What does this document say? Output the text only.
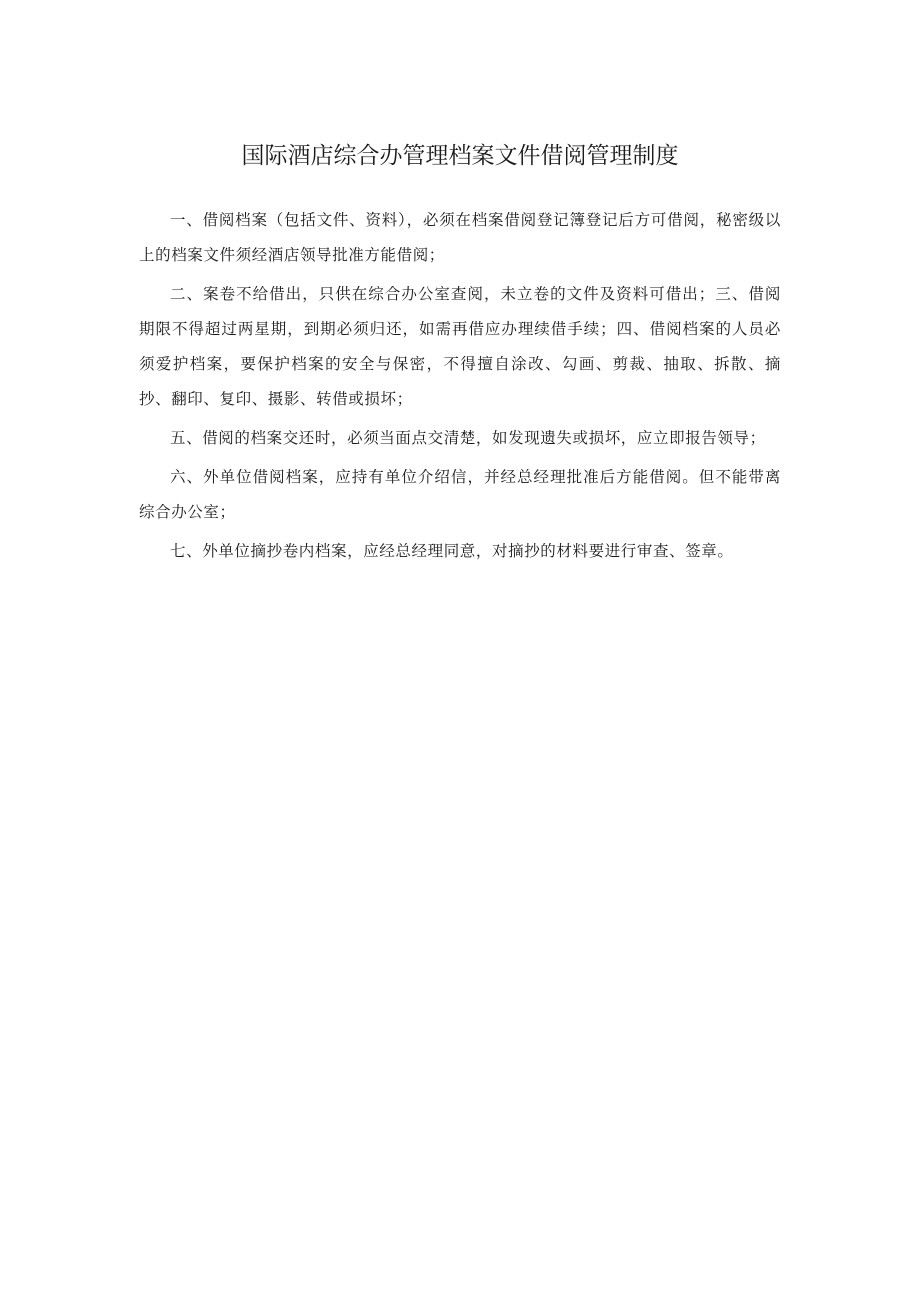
国际酒店综合办管理档案文件借阅管理制度

一、借阅档案（包括文件、资料），必须在档案借阅登记簿登记后方可借阅，秘密级以上的档案文件须经酒店领导批准方能借阅；

二、案卷不给借出，只供在综合办公室查阅，未立卷的文件及资料可借出；三、借阅期限不得超过两星期，到期必须归还，如需再借应办理续借手续；四、借阅档案的人员必须爱护档案，要保护档案的安全与保密，不得擅自涂改、勾画、剪裁、抽取、拆散、摘抄、翻印、复印、摄影、转借或损坏；

五、借阅的档案交还时，必须当面点交清楚，如发现遗失或损坏，应立即报告领导；

六、外单位借阅档案，应持有单位介绍信，并经总经理批准后方能借阅。但不能带离综合办公室；

七、外单位摘抄卷内档案，应经总经理同意，对摘抄的材料要进行审查、签章。
